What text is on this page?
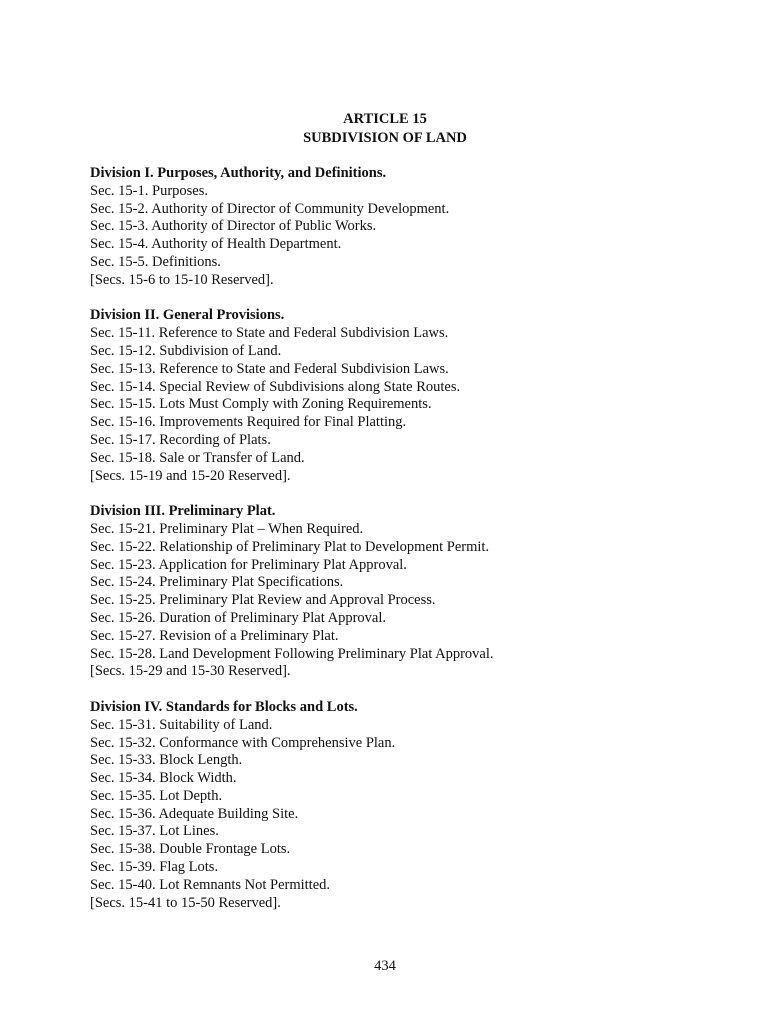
ARTICLE 15
SUBDIVISION OF LAND
Division I. Purposes, Authority, and Definitions.
Sec. 15-1. Purposes.
Sec. 15-2. Authority of Director of Community Development.
Sec. 15-3. Authority of Director of Public Works.
Sec. 15-4. Authority of Health Department.
Sec. 15-5. Definitions.
[Secs. 15-6 to 15-10 Reserved].
Division II. General Provisions.
Sec. 15-11. Reference to State and Federal Subdivision Laws.
Sec. 15-12. Subdivision of Land.
Sec. 15-13. Reference to State and Federal Subdivision Laws.
Sec. 15-14. Special Review of Subdivisions along State Routes.
Sec. 15-15. Lots Must Comply with Zoning Requirements.
Sec. 15-16. Improvements Required for Final Platting.
Sec. 15-17. Recording of Plats.
Sec. 15-18. Sale or Transfer of Land.
[Secs. 15-19 and 15-20 Reserved].
Division III. Preliminary Plat.
Sec. 15-21. Preliminary Plat – When Required.
Sec. 15-22. Relationship of Preliminary Plat to Development Permit.
Sec. 15-23. Application for Preliminary Plat Approval.
Sec. 15-24. Preliminary Plat Specifications.
Sec. 15-25. Preliminary Plat Review and Approval Process.
Sec. 15-26. Duration of Preliminary Plat Approval.
Sec. 15-27. Revision of a Preliminary Plat.
Sec. 15-28. Land Development Following Preliminary Plat Approval.
[Secs. 15-29 and 15-30 Reserved].
Division IV. Standards for Blocks and Lots.
Sec. 15-31. Suitability of Land.
Sec. 15-32. Conformance with Comprehensive Plan.
Sec. 15-33. Block Length.
Sec. 15-34. Block Width.
Sec. 15-35. Lot Depth.
Sec. 15-36. Adequate Building Site.
Sec. 15-37. Lot Lines.
Sec. 15-38. Double Frontage Lots.
Sec. 15-39. Flag Lots.
Sec. 15-40. Lot Remnants Not Permitted.
[Secs. 15-41 to 15-50 Reserved].
434
